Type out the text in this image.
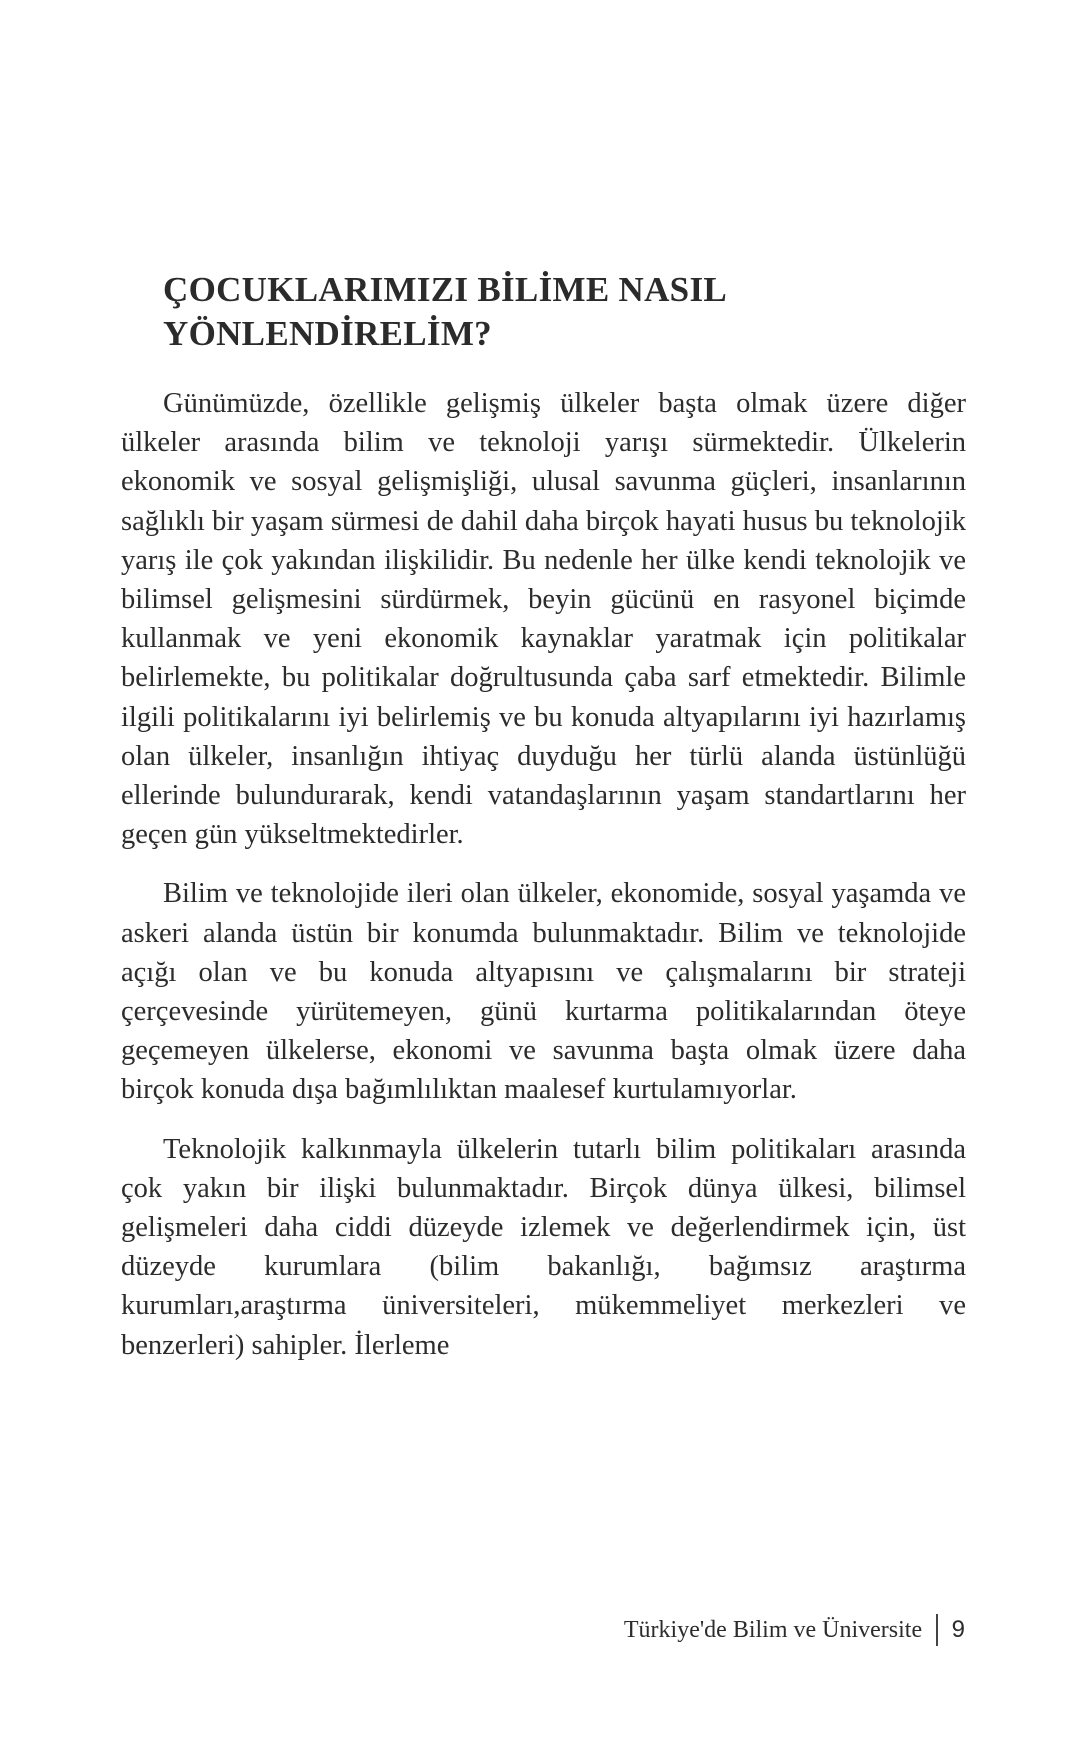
ÇOCUKLARIMIZI BİLİME NASIL
YÖNLENDİRELİM?

Günümüzde, özellikle gelişmiş ülkeler başta olmak üzere diğer ülkeler arasında bilim ve teknoloji yarışı sürmektedir. Ülkelerin ekonomik ve sosyal gelişmişliği, ulusal savunma güçleri, insanlarının sağlıklı bir yaşam sürmesi de dahil daha birçok hayati husus bu teknolojik yarış ile çok yakından ilişkilidir. Bu nedenle her ülke kendi teknolojik ve bilimsel gelişmesini sürdürmek, beyin gücünü en rasyonel biçimde kullanmak ve yeni ekonomik kaynaklar yaratmak için politikalar belirlemekte, bu politikalar doğrultusunda çaba sarf etmektedir. Bilimle ilgili politikalarını iyi belirlemiş ve bu konuda altyapılarını iyi hazırlamış olan ülkeler, insanlığın ihtiyaç duyduğu her türlü alanda üstünlüğü ellerinde bulundurarak, kendi vatandaşlarının yaşam standartlarını her geçen gün yükseltmektedirler.

Bilim ve teknolojide ileri olan ülkeler, ekonomide, sosyal yaşamda ve askeri alanda üstün bir konumda bulunmaktadır. Bilim ve teknolojide açığı olan ve bu konuda altyapısını ve çalışmalarını bir strateji çerçevesinde yürütemeyen, günü kurtarma politikalarından öteye geçemeyen ülkelerse, ekonomi ve savunma başta olmak üzere daha birçok konuda dışa bağımlılıktan maalesef kurtulamıyorlar.

Teknolojik kalkınmayla ülkelerin tutarlı bilim politikaları arasında çok yakın bir ilişki bulunmaktadır. Birçok dünya ülkesi, bilimsel gelişmeleri daha ciddi düzeyde izlemek ve değerlendirmek için, üst düzeyde kurumlara (bilim bakanlığı, bağımsız araştırma kurumları,araştırma üniversiteleri, mükemmeliyet merkezleri ve benzerleri) sahipler. İlerleme

Türkiye'de Bilim ve Üniversite 9
